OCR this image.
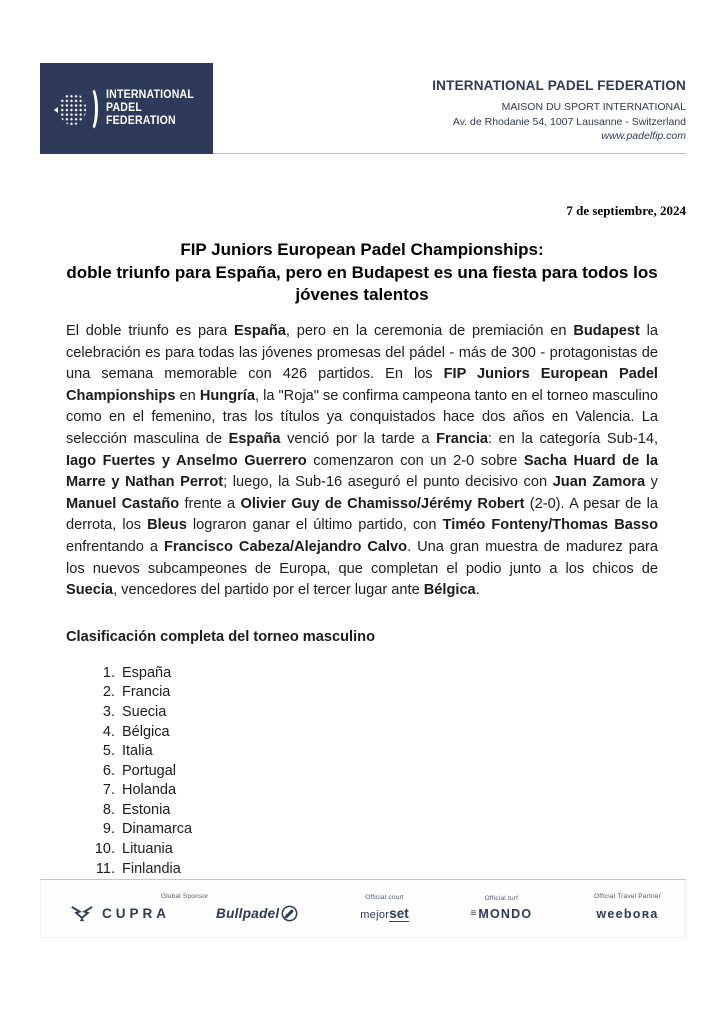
INTERNATIONAL
PADEL
FEDERATION
INTERNATIONAL PADEL FEDERATION
MAISON DU SPORT INTERNATIONAL
Av. de Rhodanie 54, 1007 Lausanne - Switzerland
www.padelfip.com
7 de septiembre, 2024
FIP Juniors European Padel Championships:
doble triunfo para España, pero en Budapest es una fiesta para todos los
jóvenes talentos

El doble triunfo es para España, pero en la ceremonia de premiación en Budapest la celebración es para todas las jóvenes promesas del pádel - más de 300 - protagonistas de una semana memorable con 426 partidos. En los FIP Juniors European Padel Championships en Hungría, la "Roja" se confirma campeona tanto en el torneo masculino como en el femenino, tras los títulos ya conquistados hace dos años en Valencia. La selección masculina de España venció por la tarde a Francia: en la categoría Sub-14, Iago Fuertes y Anselmo Guerrero comenzaron con un 2-0 sobre Sacha Huard de la Marre y Nathan Perrot; luego, la Sub-16 aseguró el punto decisivo con Juan Zamora y Manuel Castaño frente a Olivier Guy de Chamisso/Jérémy Robert (2-0). A pesar de la derrota, los Bleus lograron ganar el último partido, con Timéo Fonteny/Thomas Basso enfrentando a Francisco Cabeza/Alejandro Calvo. Una gran muestra de madurez para los nuevos subcampeones de Europa, que completan el podio junto a los chicos de Suecia, vencedores del partido por el tercer lugar ante Bélgica.

Clasificación completa del torneo masculino
1. España
2. Francia
3. Suecia
4. Bélgica
5. Italia
6. Portugal
7. Holanda
8. Estonia
9. Dinamarca
10. Lituania
11. Finlandia
Global Sponsor
CUPRA	Bullpadel
Official court
mejor set
Official turf
≡ MONDO
Official Travel Partner
weeboʀa
